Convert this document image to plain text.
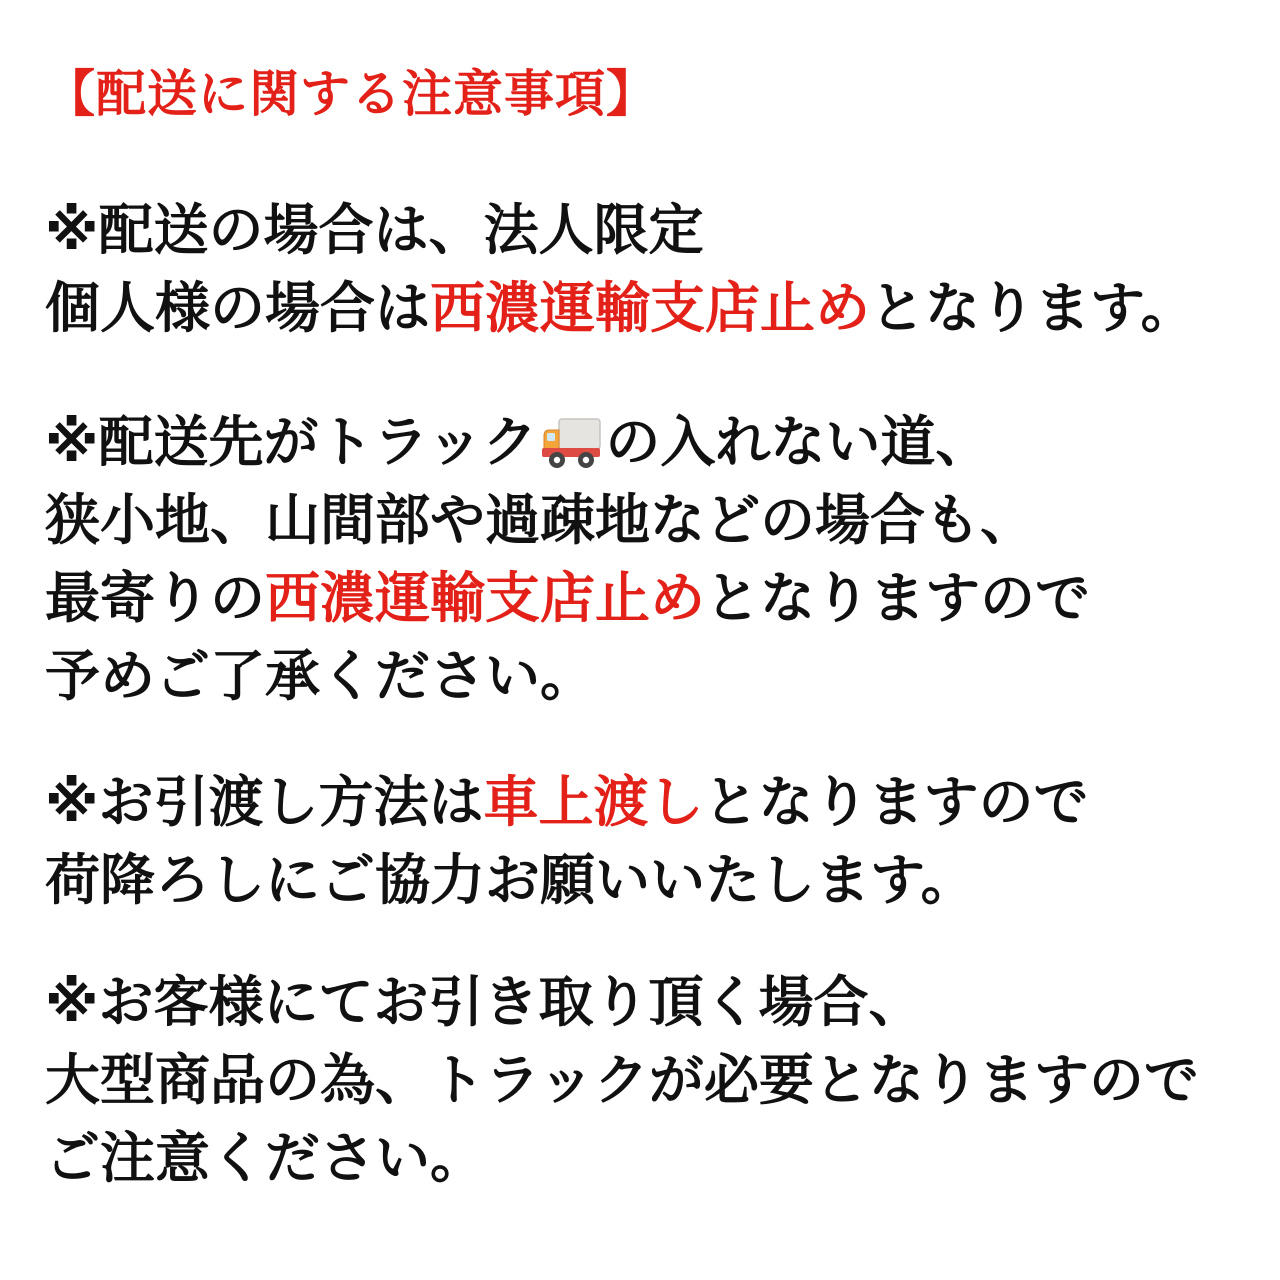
【配送に関する注意事項】

※配送の場合は、法人限定

個人様の場合は西濃運輸支店止めとなります。

※配送先がトラック の入れない道、

狭小地、山間部や過疎地などの場合も、

最寄りの西濃運輸支店止めとなりますので

予めご了承ください。

※お引渡し方法は車上渡しとなりますので

荷降ろしにご協力お願いいたします。

※お客様にてお引き取り頂く場合、

大型商品の為、トラックが必要となりますので

ご注意ください。
